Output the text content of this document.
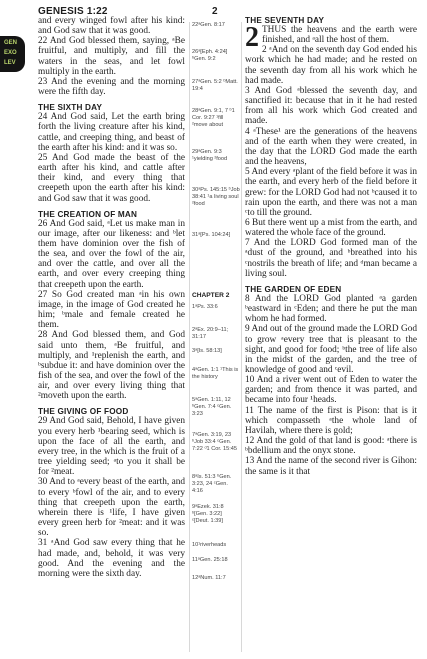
GENESIS 1:22	2
GEN
EXO
LEV

and every winged fowl after his kind: and God saw that it was good.

22 And God blessed them, saying, ᵃBe fruitful, and multiply, and fill the waters in the seas, and let fowl multiply in the earth.

23 And the evening and the morning were the fifth day.

THE SIXTH DAY

24 And God said, Let the earth bring forth the living creature after his kind, cattle, and creeping thing, and beast of the earth after his kind: and it was so.

25 And God made the beast of the earth after his kind, and cattle after their kind, and every thing that creepeth upon the earth after his kind: and God saw that it was good.

THE CREATION OF MAN

26 And God said, ᵃLet us make man in our image, after our likeness: and ᵇlet them have dominion over the fish of the sea, and over the fowl of the air, and over the cattle, and over all the earth, and over every creeping thing that creepeth upon the earth.

27 So God created man ᵃin his own image, in the image of God created he him; ᵇmale and female created he them.

28 And God blessed them, and God said unto them, ᵃBe fruitful, and multiply, and ¹replenish the earth, and ᵇsubdue it: and have dominion over the fish of the sea, and over the fowl of the air, and over every living thing that ²moveth upon the earth.

THE GIVING OF FOOD

29 And God said, Behold, I have given you every herb ¹bearing seed, which is upon the face of all the earth, and every tree, in the which is the fruit of a tree yielding seed; ᵃto you it shall be for ²meat.

30 And to ᵃevery beast of the earth, and to every ᵇfowl of the air, and to every thing that creepeth upon the earth, wherein there is ¹life, I have given every green herb for ²meat: and it was so.

31 ᵃAnd God saw every thing that he had made, and, behold, it was very good. And the evening and the morning were the sixth day.

22ᵃGen. 8:17
26ᵃ[Eph. 4:24] ᵇGen. 9:2
27ᵃGen. 5:2 ᵇMatt. 19:4
28ᵃGen. 9:1, 7 ᵇ1 Cor. 9:27 ¹fill ²move about
29ᵃGen. 9:3 ¹yielding ²food
30ᵃPs. 145:15 ᵇJob 38:41 ¹a living soul ²food
31ᵃ[Ps. 104:24]
1ᵃPs. 33:6
2ᵃEx. 20:9–11; 31:17
3ᵃ[Is. 58:13]
4ᵃGen. 1:1 ¹This is the history
5ᵃGen. 1:11, 12 ᵇGen. 7:4 ᶜGen. 3:23
7ᵃGen. 3:19, 23 ᵇJob 33:4 ᶜGen. 7:22 ᵈ1 Cor. 15:45
8ᵃIs. 51:3 ᵇGen. 3:23, 24 ᶜGen. 4:16
9ᵃEzek. 31:8 ᵇ[Gen. 3:22] ᶜ[Deut. 1:39]
10¹riverheads
11ᵃGen. 25:18
12ᵃNum. 11:7
CHAPTER 2

THE SEVENTH DAY

2 THUS the heavens and the earth were finished, and ᵃall the host of them.

2 ᵃAnd on the seventh day God ended his work which he had made; and he rested on the seventh day from all his work which he had made.

3 And God ᵃblessed the seventh day, and sanctified it: because that in it he had rested from all his work which God created and made.

4 ᵃThese¹ are the generations of the heavens and of the earth when they were created, in the day that the LORD God made the earth and the heavens,

5 And every ᵃplant of the field before it was in the earth, and every herb of the field before it grew: for the LORD God had not ᵇcaused it to rain upon the earth, and there was not a man ᶜto till the ground.

6 But there went up a mist from the earth, and watered the whole face of the ground.

7 And the LORD God formed man of the ᵃdust of the ground, and ᵇbreathed into his ᶜnostrils the breath of life; and ᵈman became a living soul.

THE GARDEN OF EDEN

8 And the LORD God planted ᵃa garden ᵇeastward in ᶜEden; and there he put the man whom he had formed.

9 And out of the ground made the LORD God to grow ᵃevery tree that is pleasant to the sight, and good for food; ᵇthe tree of life also in the midst of the garden, and the tree of knowledge of good and ᶜevil.

10 And a river went out of Eden to water the garden; and from thence it was parted, and became into four ¹heads.

11 The name of the first is Pison: that is it which compasseth ᵃthe whole land of Havilah, where there is gold;

12 And the gold of that land is good: ᵃthere is ᵇbdellium and the onyx stone.

13 And the name of the second river is Gihon: the same is it that
